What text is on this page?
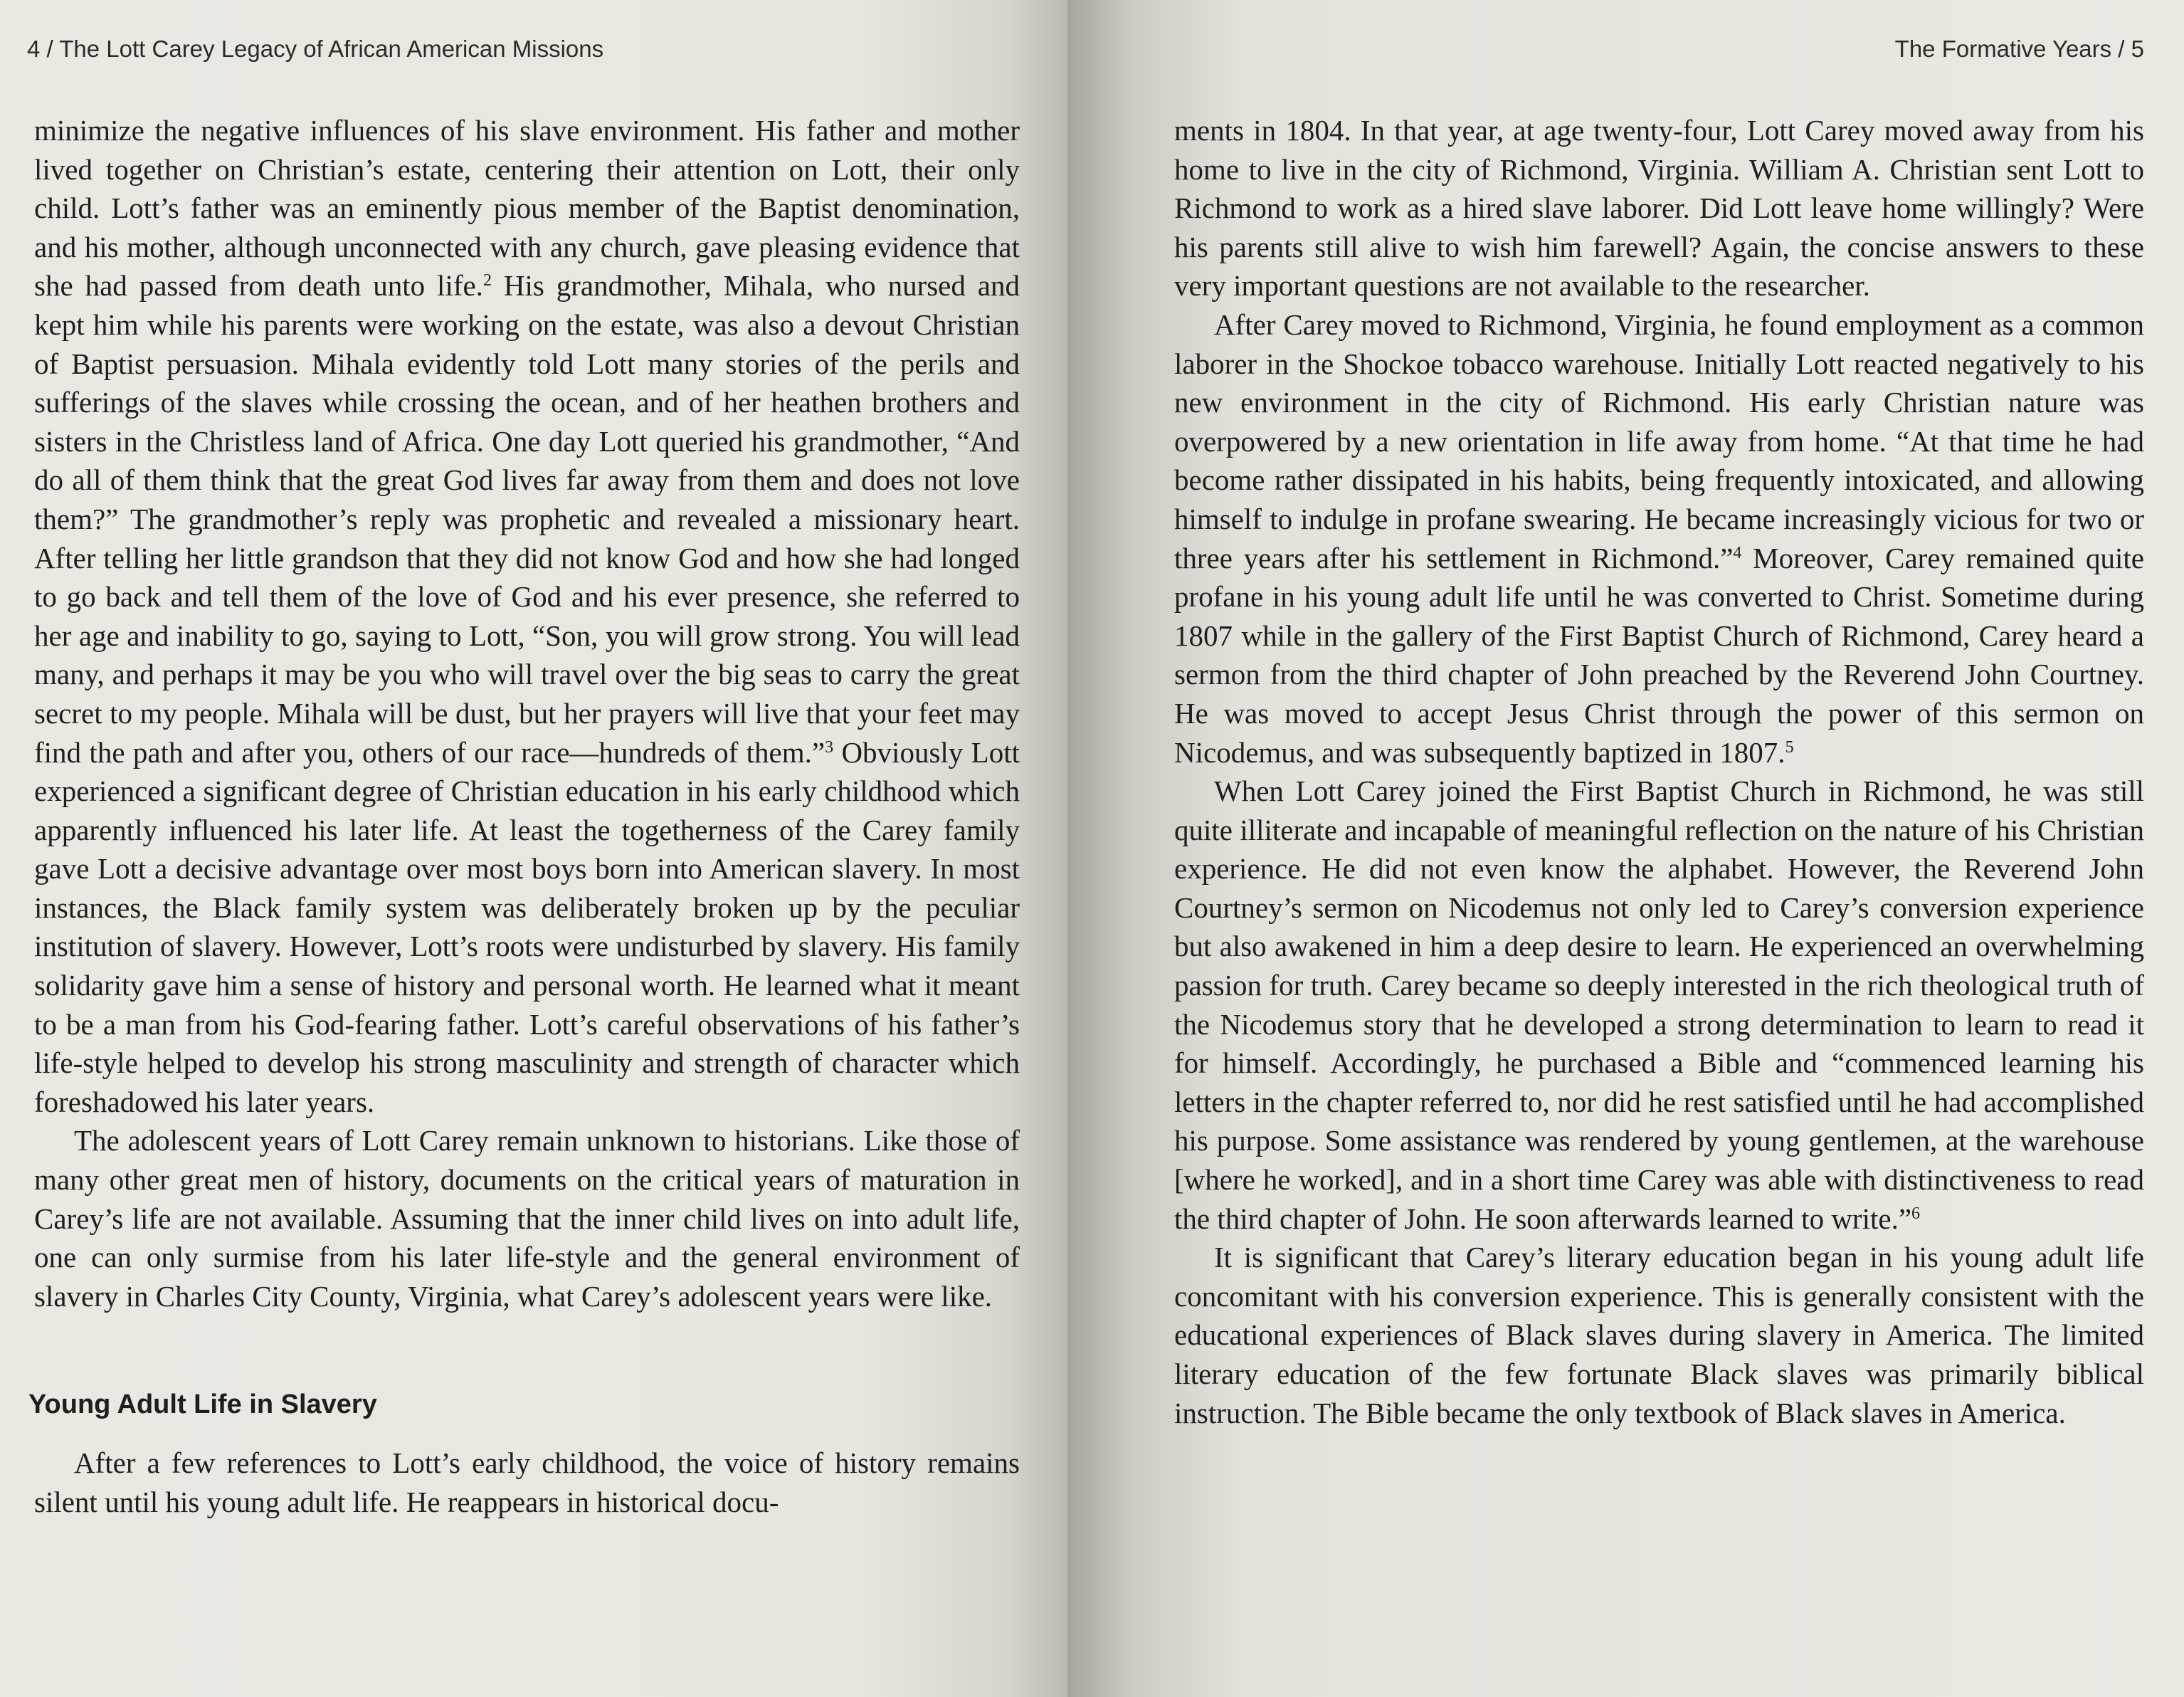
4 / The Lott Carey Legacy of African American Missions

minimize the negative influences of his slave environment. His father and mother lived together on Christian’s estate, centering their attention on Lott, their only child. Lott’s father was an eminently pious member of the Baptist denomination, and his mother, although unconnected with any church, gave pleasing evidence that she had passed from death unto life.$^2$ His grandmother, Mihala, who nursed and kept him while his parents were working on the estate, was also a devout Christian of Baptist persuasion. Mihala evidently told Lott many stories of the perils and sufferings of the slaves while crossing the ocean, and of her heathen brothers and sisters in the Christless land of Africa. One day Lott queried his grandmother, “And do all of them think that the great God lives far away from them and does not love them?” The grandmother’s reply was prophetic and revealed a missionary heart. After telling her little grandson that they did not know God and how she had longed to go back and tell them of the love of God and his ever presence, she referred to her age and inability to go, saying to Lott, “Son, you will grow strong. You will lead many, and perhaps it may be you who will travel over the big seas to carry the great secret to my people. Mihala will be dust, but her prayers will live that your feet may find the path and after you, others of our race—hundreds of them.”$^3$ Obviously Lott experienced a significant degree of Christian education in his early childhood which apparently influenced his later life. At least the togetherness of the Carey family gave Lott a decisive advantage over most boys born into American slavery. In most instances, the Black family system was deliberately broken up by the peculiar institution of slavery. However, Lott’s roots were undisturbed by slavery. His family solidarity gave him a sense of history and personal worth. He learned what it meant to be a man from his God-fearing father. Lott’s careful observations of his father’s life-style helped to develop his strong masculinity and strength of character which foreshadowed his later years.

The adolescent years of Lott Carey remain unknown to historians. Like those of many other great men of history, documents on the critical years of maturation in Carey’s life are not available. Assuming that the inner child lives on into adult life, one can only surmise from his later life-style and the general environment of slavery in Charles City County, Virginia, what Carey’s adolescent years were like.

Young Adult Life in Slavery

After a few references to Lott’s early childhood, the voice of history remains silent until his young adult life. He reappears in historical docu-

The Formative Years / 5

ments in 1804. In that year, at age twenty-four, Lott Carey moved away from his home to live in the city of Richmond, Virginia. William A. Christian sent Lott to Richmond to work as a hired slave laborer. Did Lott leave home willingly? Were his parents still alive to wish him farewell? Again, the concise answers to these very important questions are not available to the researcher.

After Carey moved to Richmond, Virginia, he found employment as a common laborer in the Shockoe tobacco warehouse. Initially Lott reacted negatively to his new environment in the city of Richmond. His early Christian nature was overpowered by a new orientation in life away from home. “At that time he had become rather dissipated in his habits, being frequently intoxicated, and allowing himself to indulge in profane swearing. He became increasingly vicious for two or three years after his settlement in Richmond.”$^4$ Moreover, Carey remained quite profane in his young adult life until he was converted to Christ. Sometime during 1807 while in the gallery of the First Baptist Church of Richmond, Carey heard a sermon from the third chapter of John preached by the Reverend John Courtney. He was moved to accept Jesus Christ through the power of this sermon on Nicodemus, and was subsequently baptized in 1807.$^5$

When Lott Carey joined the First Baptist Church in Richmond, he was still quite illiterate and incapable of meaningful reflection on the nature of his Christian experience. He did not even know the alphabet. However, the Reverend John Courtney’s sermon on Nicodemus not only led to Carey’s conversion experience but also awakened in him a deep desire to learn. He experienced an overwhelming passion for truth. Carey became so deeply interested in the rich theological truth of the Nicodemus story that he developed a strong determination to learn to read it for himself. Accordingly, he purchased a Bible and “commenced learning his letters in the chapter referred to, nor did he rest satisfied until he had accomplished his purpose. Some assistance was rendered by young gentlemen, at the warehouse [where he worked], and in a short time Carey was able with distinctiveness to read the third chapter of John. He soon afterwards learned to write.”$^6$

It is significant that Carey’s literary education began in his young adult life concomitant with his conversion experience. This is generally consistent with the educational experiences of Black slaves during slavery in America. The limited literary education of the few fortunate Black slaves was primarily biblical instruction. The Bible became the only textbook of Black slaves in America.
